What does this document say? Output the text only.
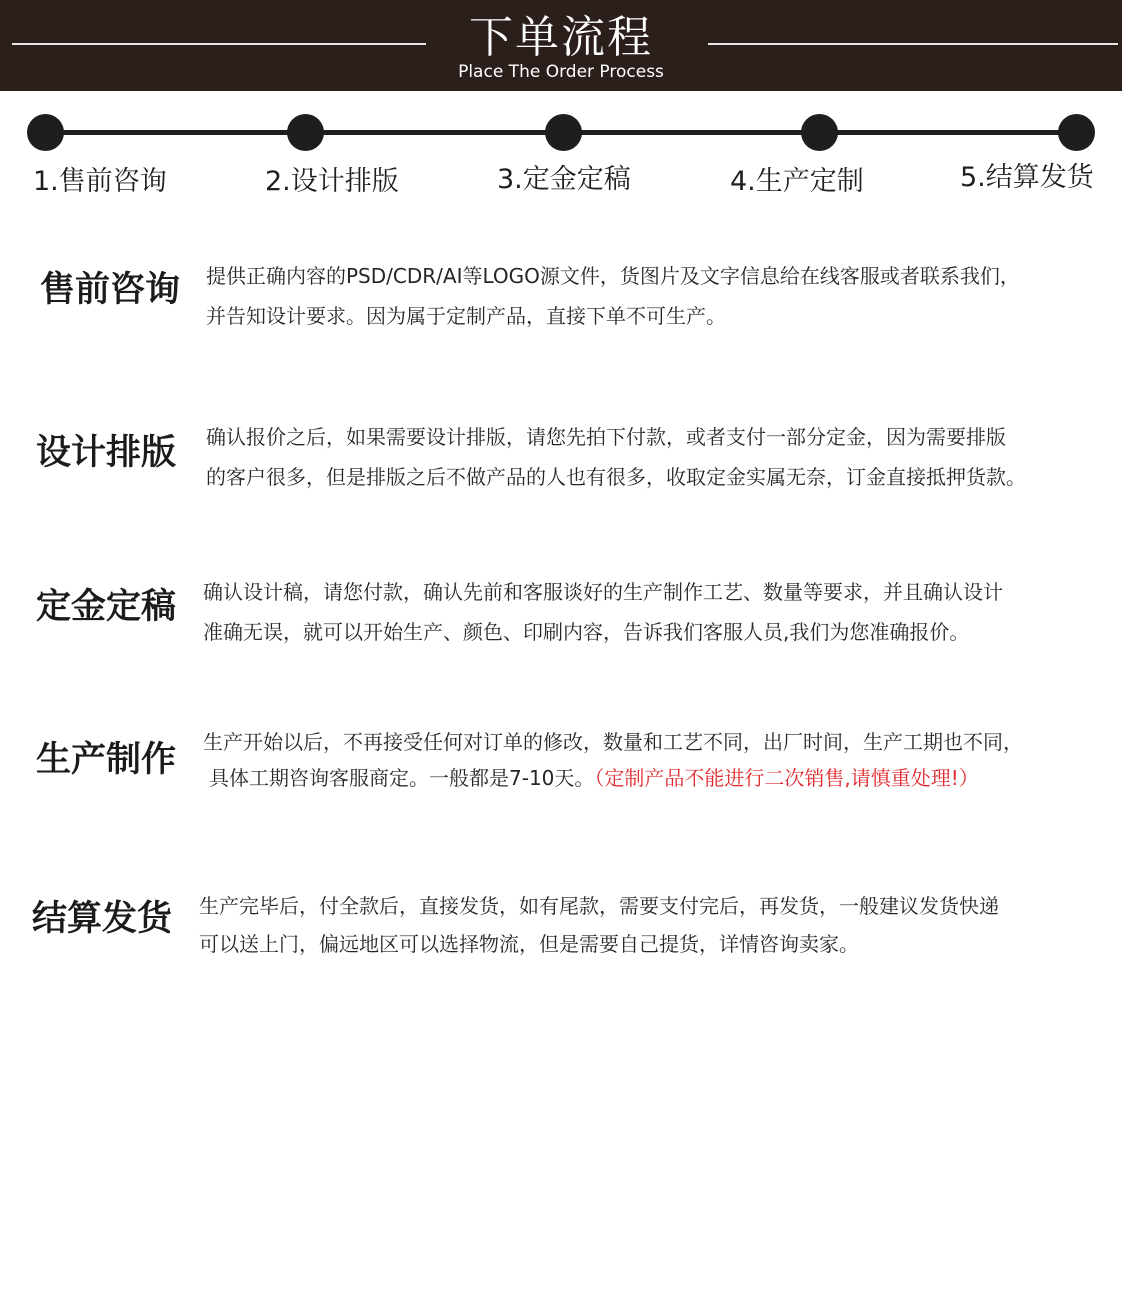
下单流程
Place The Order Process
1.售前咨询	2.设计排版	3.定金定稿	4.生产定制	5.结算发货
售前咨询 提供正确内容的PSD/CDR/AI等LOGO源文件，货图片及文字信息给在线客服或者联系我们，
并告知设计要求。因为属于定制产品，直接下单不可生产。
设计排版 确认报价之后，如果需要设计排版，请您先拍下付款，或者支付一部分定金，因为需要排版
的客户很多，但是排版之后不做产品的人也有很多，收取定金实属无奈，订金直接抵押货款。
定金定稿 确认设计稿，请您付款，确认先前和客服谈好的生产制作工艺、数量等要求，并且确认设计
准确无误，就可以开始生产、颜色、印刷内容，告诉我们客服人员,我们为您准确报价。
生产制作 生产开始以后，不再接受任何对订单的修改，数量和工艺不同，出厂时间，生产工期也不同，
具体工期咨询客服商定。一般都是7-10天。（定制产品不能进行二次销售,请慎重处理!）
结算发货 生产完毕后，付全款后，直接发货，如有尾款，需要支付完后，再发货，一般建议发货快递
可以送上门，偏远地区可以选择物流，但是需要自己提货，详情咨询卖家。
